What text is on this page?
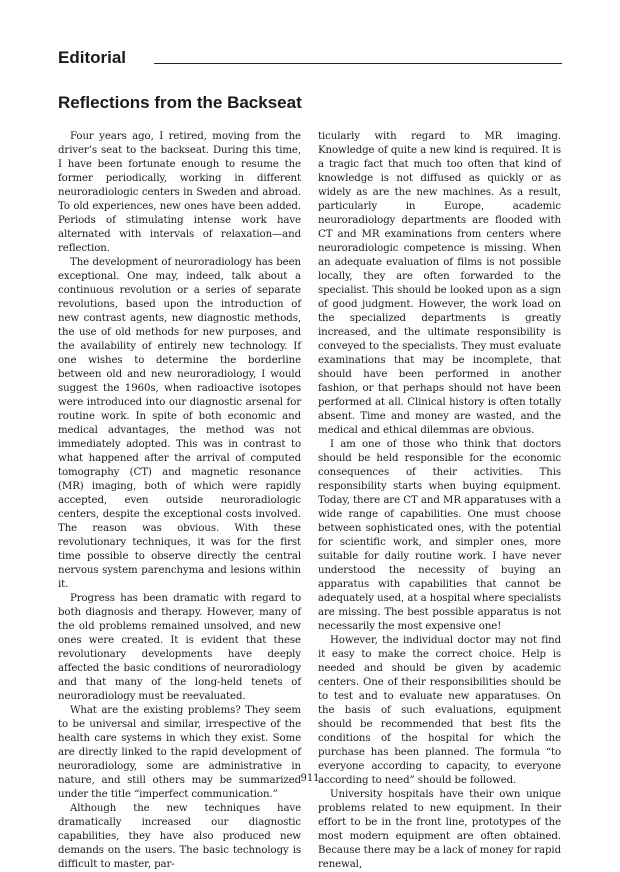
Editorial
Reflections from the Backseat

Four years ago, I retired, moving from the driver’s seat to the backseat. During this time, I have been fortunate enough to resume the former periodically, working in different neuroradiologic centers in Sweden and abroad. To old experiences, new ones have been added. Periods of stimulating intense work have alternated with intervals of relaxation—and reflection.

The development of neuroradiology has been exceptional. One may, indeed, talk about a continuous revolution or a series of separate revolutions, based upon the introduction of new contrast agents, new diagnostic methods, the use of old methods for new purposes, and the availability of entirely new technology. If one wishes to determine the borderline between old and new neuroradiology, I would suggest the 1960s, when radioactive isotopes were introduced into our diagnostic arsenal for routine work. In spite of both economic and medical advantages, the method was not immediately adopted. This was in contrast to what happened after the arrival of computed tomography (CT) and magnetic resonance (MR) imaging, both of which were rapidly accepted, even outside neuroradiologic centers, despite the exceptional costs involved. The reason was obvious. With these revolutionary techniques, it was for the first time possible to observe directly the central nervous system parenchyma and lesions within it.

Progress has been dramatic with regard to both diagnosis and therapy. However, many of the old problems remained unsolved, and new ones were created. It is evident that these revolutionary developments have deeply affected the basic conditions of neuroradiology and that many of the long-held tenets of neuroradiology must be reevaluated.

What are the existing problems? They seem to be universal and similar, irrespective of the health care systems in which they exist. Some are directly linked to the rapid development of neuroradiology, some are administrative in nature, and still others may be summarized under the title “imperfect communication.”

Although the new techniques have dramatically increased our diagnostic capabilities, they have also produced new demands on the users. The basic technology is difficult to master, par-

ticularly with regard to MR imaging. Knowledge of quite a new kind is required. It is a tragic fact that much too often that kind of knowledge is not diffused as quickly or as widely as are the new machines. As a result, particularly in Europe, academic neuroradiology departments are flooded with CT and MR examinations from centers where neuroradiologic competence is missing. When an adequate evaluation of films is not possible locally, they are often forwarded to the specialist. This should be looked upon as a sign of good judgment. However, the work load on the specialized departments is greatly increased, and the ultimate responsibility is conveyed to the specialists. They must evaluate examinations that may be incomplete, that should have been performed in another fashion, or that perhaps should not have been performed at all. Clinical history is often totally absent. Time and money are wasted, and the medical and ethical dilemmas are obvious.

I am one of those who think that doctors should be held responsible for the economic consequences of their activities. This responsibility starts when buying equipment. Today, there are CT and MR apparatuses with a wide range of capabilities. One must choose between sophisticated ones, with the potential for scientific work, and simpler ones, more suitable for daily routine work. I have never understood the necessity of buying an apparatus with capabilities that cannot be adequately used, at a hospital where specialists are missing. The best possible apparatus is not necessarily the most expensive one!

However, the individual doctor may not find it easy to make the correct choice. Help is needed and should be given by academic centers. One of their responsibilities should be to test and to evaluate new apparatuses. On the basis of such evaluations, equipment should be recommended that best fits the conditions of the hospital for which the purchase has been planned. The formula “to everyone according to capacity, to everyone according to need” should be followed.

University hospitals have their own unique problems related to new equipment. In their effort to be in the front line, prototypes of the most modern equipment are often obtained. Because there may be a lack of money for rapid renewal,

911
